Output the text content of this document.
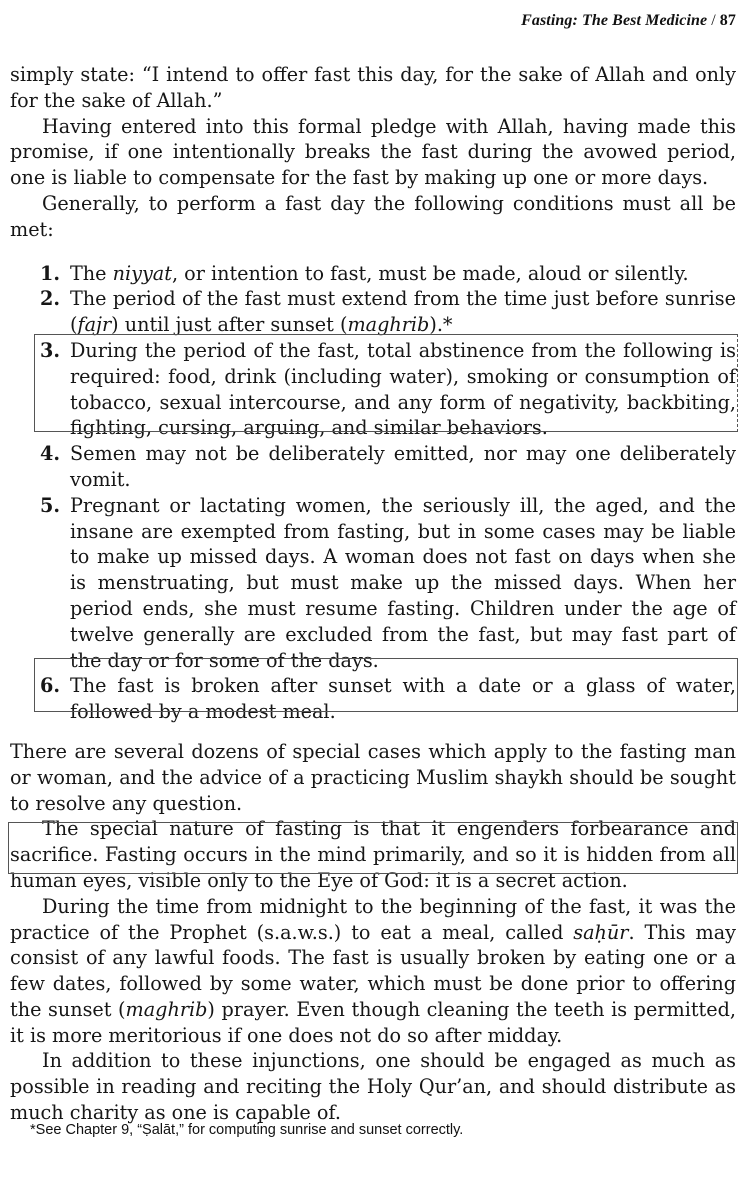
Fasting: The Best Medicine / 87

simply state: “I intend to offer fast this day, for the sake of Allah and only for the sake of Allah.”

Having entered into this formal pledge with Allah, having made this promise, if one intentionally breaks the fast during the avowed period, one is liable to compensate for the fast by making up one or more days.

Generally, to perform a fast day the following conditions must all be met:

1. The niyyat, or intention to fast, must be made, aloud or silently.
2. The period of the fast must extend from the time just before sunrise (fajr) until just after sunset (maghrib).*
3. During the period of the fast, total abstinence from the following is required: food, drink (including water), smoking or consumption of tobacco, sexual intercourse, and any form of negativity, backbiting, fighting, cursing, arguing, and similar behaviors.
4. Semen may not be deliberately emitted, nor may one deliberately vomit.
5. Pregnant or lactating women, the seriously ill, the aged, and the insane are exempted from fasting, but in some cases may be liable to make up missed days. A woman does not fast on days when she is menstruating, but must make up the missed days. When her period ends, she must resume fasting. Children under the age of twelve generally are excluded from the fast, but may fast part of the day or for some of the days.
6. The fast is broken after sunset with a date or a glass of water, followed by a modest meal.

There are several dozens of special cases which apply to the fasting man or woman, and the advice of a practicing Muslim shaykh should be sought to resolve any question.

The special nature of fasting is that it engenders forbearance and sacrifice. Fasting occurs in the mind primarily, and so it is hidden from all human eyes, visible only to the Eye of God: it is a secret action.

During the time from midnight to the beginning of the fast, it was the practice of the Prophet (s.a.w.s.) to eat a meal, called saḥūr. This may consist of any lawful foods. The fast is usually broken by eating one or a few dates, followed by some water, which must be done prior to offering the sunset (maghrib) prayer. Even though cleaning the teeth is permitted, it is more meritorious if one does not do so after midday.

In addition to these injunctions, one should be engaged as much as possible in reading and reciting the Holy Qur’an, and should distribute as much charity as one is capable of.

*See Chapter 9, “Ṣalāt,” for computing sunrise and sunset correctly.
